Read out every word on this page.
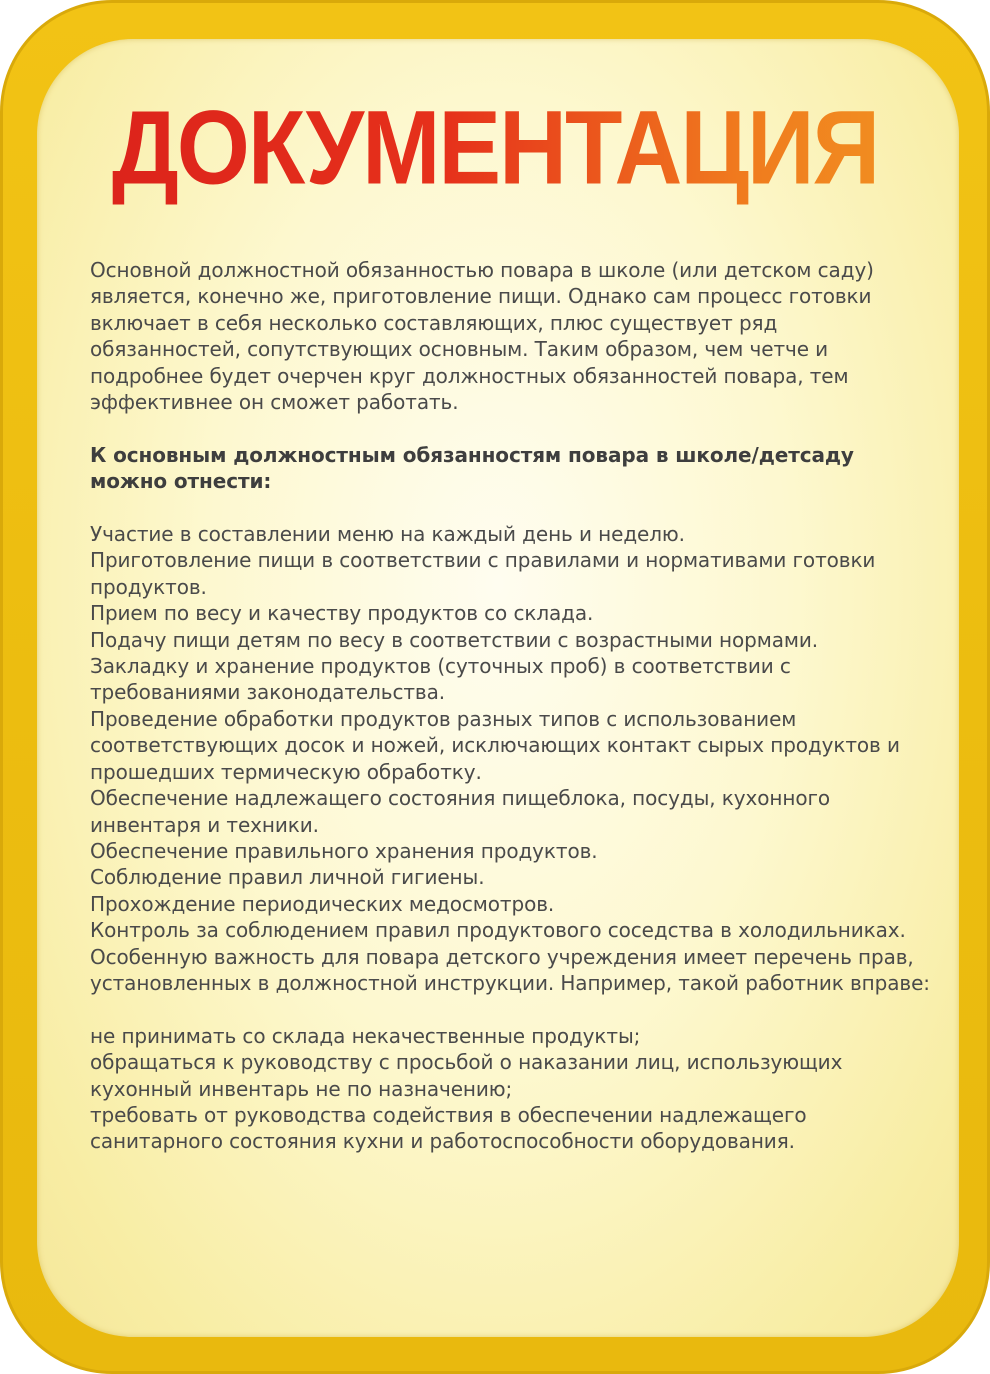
ДОКУМЕНТАЦИЯ

Основной должностной обязанностью повара в школе (или детском саду) является, конечно же, приготовление пищи. Однако сам процесс готовки включает в себя несколько составляющих, плюс существует ряд обязанностей, сопутствующих основным. Таким образом, чем четче и подробнее будет очерчен круг должностных обязанностей повара, тем эффективнее он сможет работать.

К основным должностным обязанностям повара в школе/детсаду можно отнести:

Участие в составлении меню на каждый день и неделю.

Приготовление пищи в соответствии с правилами и нормативами готовки продуктов.

Прием по весу и качеству продуктов со склада.

Подачу пищи детям по весу в соответствии с возрастными нормами.

Закладку и хранение продуктов (суточных проб) в соответствии с требованиями законодательства.

Проведение обработки продуктов разных типов с использованием соответствующих досок и ножей, исключающих контакт сырых продуктов и прошедших термическую обработку.

Обеспечение надлежащего состояния пищеблока, посуды, кухонного инвентаря и техники.

Обеспечение правильного хранения продуктов.

Соблюдение правил личной гигиены.

Прохождение периодических медосмотров.

Контроль за соблюдением правил продуктового соседства в холодильниках.

Особенную важность для повара детского учреждения имеет перечень прав, установленных в должностной инструкции. Например, такой работник вправе:

не принимать со склада некачественные продукты;

обращаться к руководству с просьбой о наказании лиц, использующих кухонный инвентарь не по назначению;

требовать от руководства содействия в обеспечении надлежащего санитарного состояния кухни и работоспособности оборудования.
